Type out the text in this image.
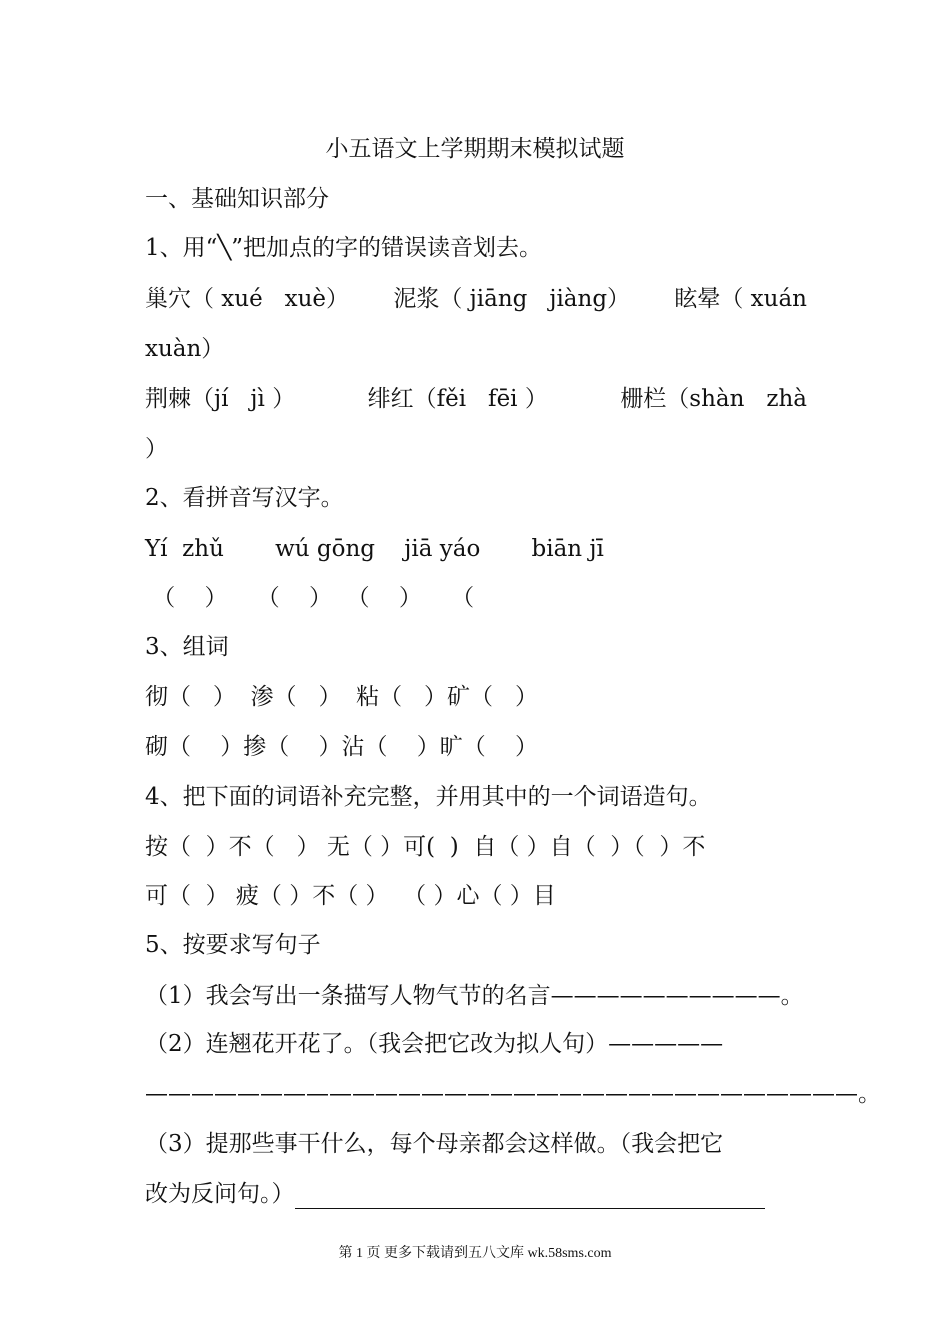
小五语文上学期期末模拟试题
一、基础知识部分
1、用“╲”把加点的字的错误读音划去。
巢穴（ xué   xuè） 泥浆（ jiāng   jiàng） 眩晕（ xuán
xuàn）
荆棘（jí   jì ）	绯红（fěi   fēi ）	栅栏（shàn   zhà
）
2、看拼音写汉字。
Yí  zhǔ       wú gōng    jiā yáo       biān jī
（    ）    （    ）  （    ）    （
3、组词
彻（   ）  渗（   ）  粘（   ）矿（   ）
砌（    ）掺（    ）沾（    ）旷（    ）
4、把下面的词语补充完整，并用其中的一个词语造句。
按（  ）不（   ） 无（ ）可(  )  自（ ）自（  ）（  ）不
可（  ） 疲（ ）不（ ）  （ ）心（ ）目
5、按要求写句子
（1）我会写出一条描写人物气节的名言——————————。
（2）连翘花开花了。（我会把它改为拟人句）—————
———————————————————————————————。
（3）提那些事干什么，每个母亲都会这样做。（我会把它
改为反问句。）
第 1 页 更多下载请到五八文库 wk.58sms.com
